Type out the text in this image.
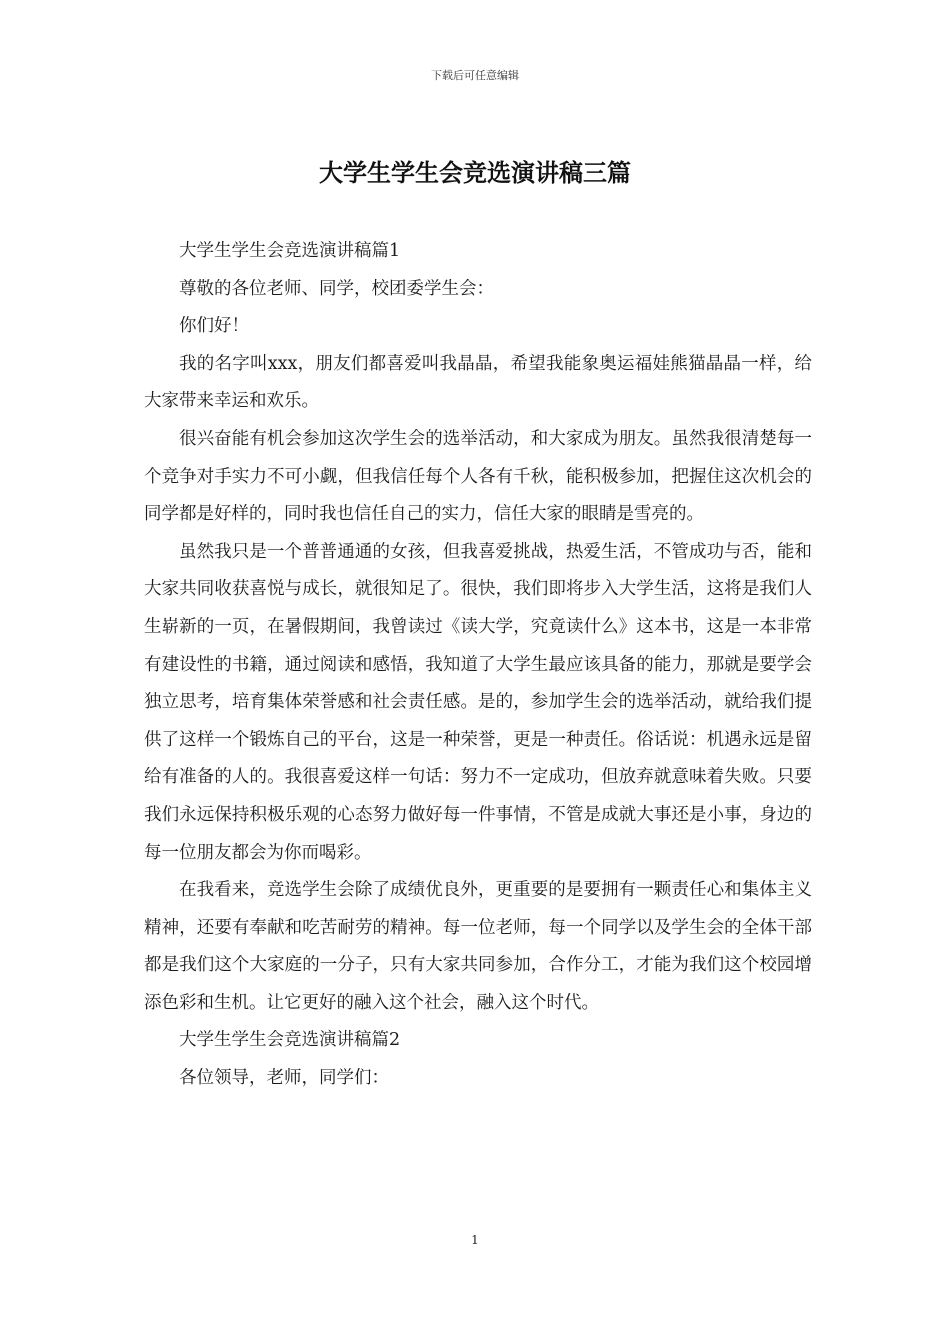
下载后可任意编辑
大学生学生会竞选演讲稿三篇

大学生学生会竞选演讲稿篇1

尊敬的各位老师、同学，校团委学生会：

你们好！

我的名字叫xxx，朋友们都喜爱叫我晶晶，希望我能象奥运福娃熊猫晶晶一样，给大家带来幸运和欢乐。

很兴奋能有机会参加这次学生会的选举活动，和大家成为朋友。虽然我很清楚每一个竞争对手实力不可小觑，但我信任每个人各有千秋，能积极参加，把握住这次机会的同学都是好样的，同时我也信任自己的实力，信任大家的眼睛是雪亮的。

虽然我只是一个普普通通的女孩，但我喜爱挑战，热爱生活，不管成功与否，能和大家共同收获喜悦与成长，就很知足了。很快，我们即将步入大学生活，这将是我们人生崭新的一页，在暑假期间，我曾读过《读大学，究竟读什么》这本书，这是一本非常有建设性的书籍，通过阅读和感悟，我知道了大学生最应该具备的能力，那就是要学会独立思考，培育集体荣誉感和社会责任感。是的，参加学生会的选举活动，就给我们提供了这样一个锻炼自己的平台，这是一种荣誉，更是一种责任。俗话说：机遇永远是留给有准备的人的。我很喜爱这样一句话：努力不一定成功，但放弃就意味着失败。只要我们永远保持积极乐观的心态努力做好每一件事情，不管是成就大事还是小事，身边的每一位朋友都会为你而喝彩。

在我看来，竞选学生会除了成绩优良外，更重要的是要拥有一颗责任心和集体主义精神，还要有奉献和吃苦耐劳的精神。每一位老师，每一个同学以及学生会的全体干部都是我们这个大家庭的一分子，只有大家共同参加，合作分工，才能为我们这个校园增添色彩和生机。让它更好的融入这个社会，融入这个时代。

大学生学生会竞选演讲稿篇2

各位领导，老师，同学们：

1
